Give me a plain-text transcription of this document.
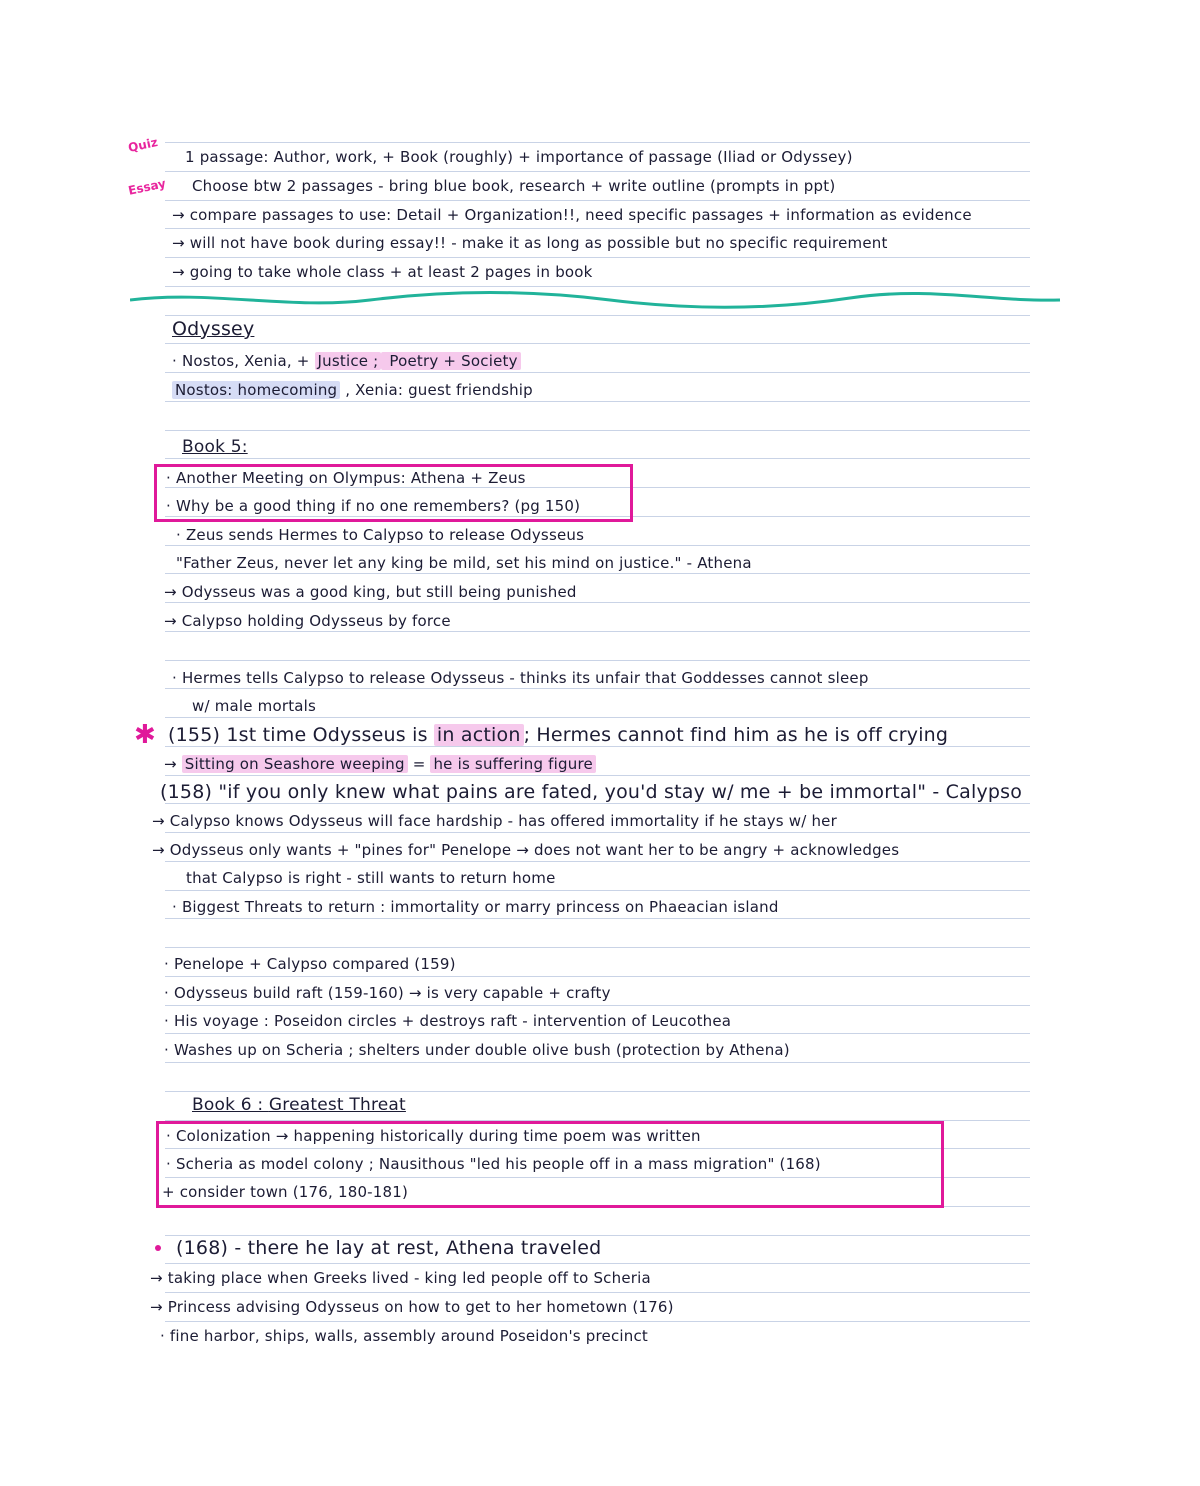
Quiz
Essay
1 passage: Author, work, + Book (roughly) + importance of passage (Iliad or Odyssey)
Choose btw 2 passages - bring blue book, research + write outline (prompts in ppt)
→ compare passages to use: Detail + Organization!!, need specific passages + information as evidence
→ will not have book during essay!! - make it as long as possible but no specific requirement
→ going to take whole class + at least 2 pages in book
Odyssey
· Nostos, Xenia, + Justice ; Poetry + Society
Nostos: homecoming , Xenia: guest friendship
Book 5:
· Another Meeting on Olympus: Athena + Zeus
· Why be a good thing if no one remembers? (pg 150)
· Zeus sends Hermes to Calypso to release Odysseus
"Father Zeus, never let any king be mild, set his mind on justice." - Athena
→ Odysseus was a good king, but still being punished
→ Calypso holding Odysseus by force
· Hermes tells Calypso to release Odysseus - thinks its unfair that Goddesses cannot sleep
w/ male mortals
✱ (155) 1st time Odysseus is in action ; Hermes cannot find him as he is off crying
→ Sitting on Seashore weeping = he is suffering figure
(158) "if you only knew what pains are fated, you'd stay w/ me + be immortal" - Calypso
→ Calypso knows Odysseus will face hardship - has offered immortality if he stays w/ her
→ Odysseus only wants + "pines for" Penelope → does not want her to be angry + acknowledges
that Calypso is right - still wants to return home
· Biggest Threats to return : immortality or marry princess on Phaeacian island
· Penelope + Calypso compared (159)
· Odysseus build raft (159-160) → is very capable + crafty
· His voyage : Poseidon circles + destroys raft - intervention of Leucothea
· Washes up on Scheria ; shelters under double olive bush (protection by Athena)
Book 6 : Greatest Threat
· Colonization → happening historically during time poem was written
· Scheria as model colony ; Nausithous "led his people off in a mass migration" (168)
+ consider town (176, 180-181)
(168) - there he lay at rest, Athena traveled
→ taking place when Greeks lived - king led people off to Scheria
→ Princess advising Odysseus on how to get to her hometown (176)
· fine harbor, ships, walls, assembly around Poseidon's precinct
